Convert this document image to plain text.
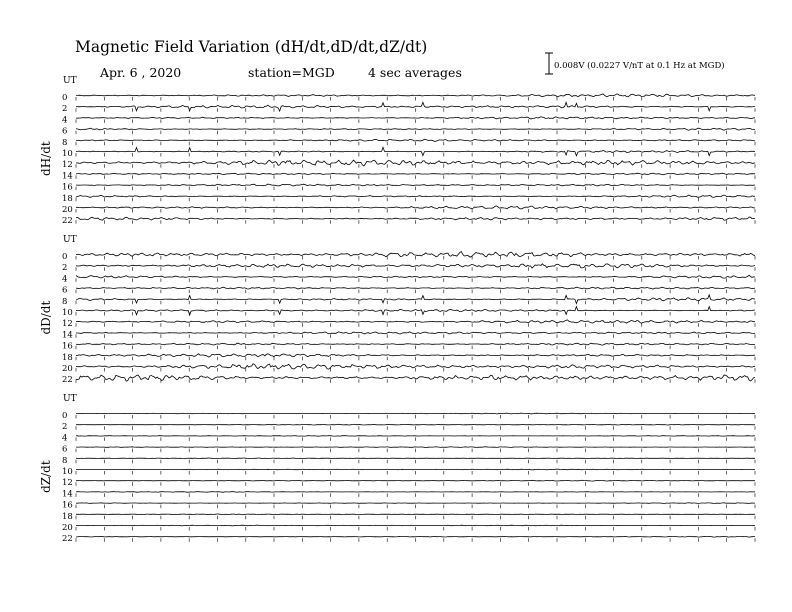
Magnetic Field Variation (dH/dt,dD/dt,dZ/dt)
Apr. 6 , 2020	station=MGD	4 sec averages	0.008V (0.0227 V/nT at 0.1 Hz at MGD)
UT
dH/dt
0
2
4
6
8
10
12
14
16
18
20
22
UT
dD/dt
0
2
4
6
8
10
12
14
16
18
20
22
UT
dZ/dt
0
2
4
6
8
10
12
14
16
18
20
22
